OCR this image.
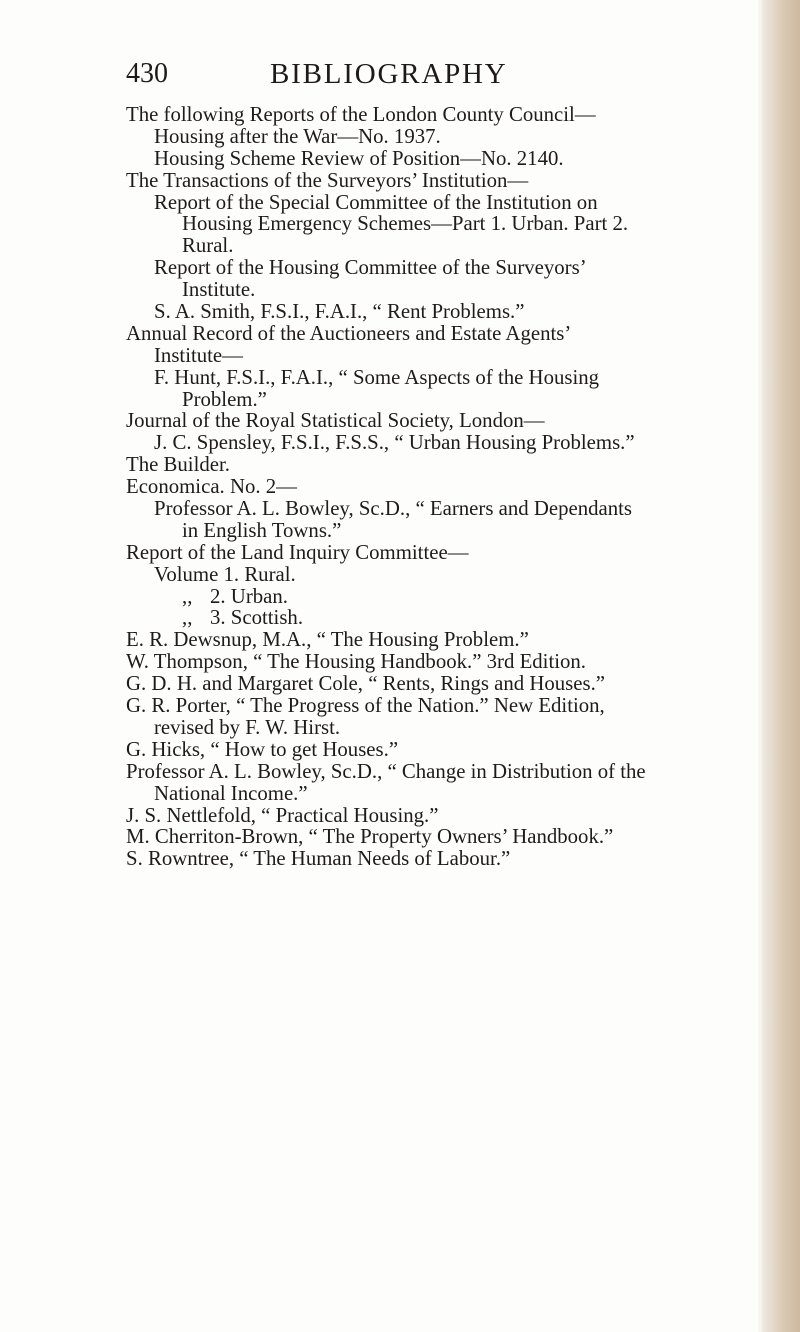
430	BIBLIOGRAPHY
The following Reports of the London County Council—
Housing after the War—No. 1937.
Housing Scheme Review of Position—No. 2140.
The Transactions of the Surveyors’ Institution—
Report of the Special Committee of the Institution on
Housing Emergency Schemes—Part 1. Urban. Part 2.
Rural.
Report of the Housing Committee of the Surveyors’
Institute.
S. A. Smith, F.S.I., F.A.I., “ Rent Problems.”
Annual Record of the Auctioneers and Estate Agents’
Institute—
F. Hunt, F.S.I., F.A.I., “ Some Aspects of the Housing
Problem.”
Journal of the Royal Statistical Society, London—
J. C. Spensley, F.S.I., F.S.S., “ Urban Housing Problems.”
The Builder.
Economica. No. 2—
Professor A. L. Bowley, Sc.D., “ Earners and Dependants
in English Towns.”
Report of the Land Inquiry Committee—
Volume 1. Rural.
,, 2. Urban.
,, 3. Scottish.
E. R. Dewsnup, M.A., “ The Housing Problem.”
W. Thompson, “ The Housing Handbook.” 3rd Edition.
G. D. H. and Margaret Cole, “ Rents, Rings and Houses.”
G. R. Porter, “ The Progress of the Nation.” New Edition,
revised by F. W. Hirst.
G. Hicks, “ How to get Houses.”
Professor A. L. Bowley, Sc.D., “ Change in Distribution of the
National Income.”
J. S. Nettlefold, “ Practical Housing.”
M. Cherriton-Brown, “ The Property Owners’ Handbook.”
S. Rowntree, “ The Human Needs of Labour.”
